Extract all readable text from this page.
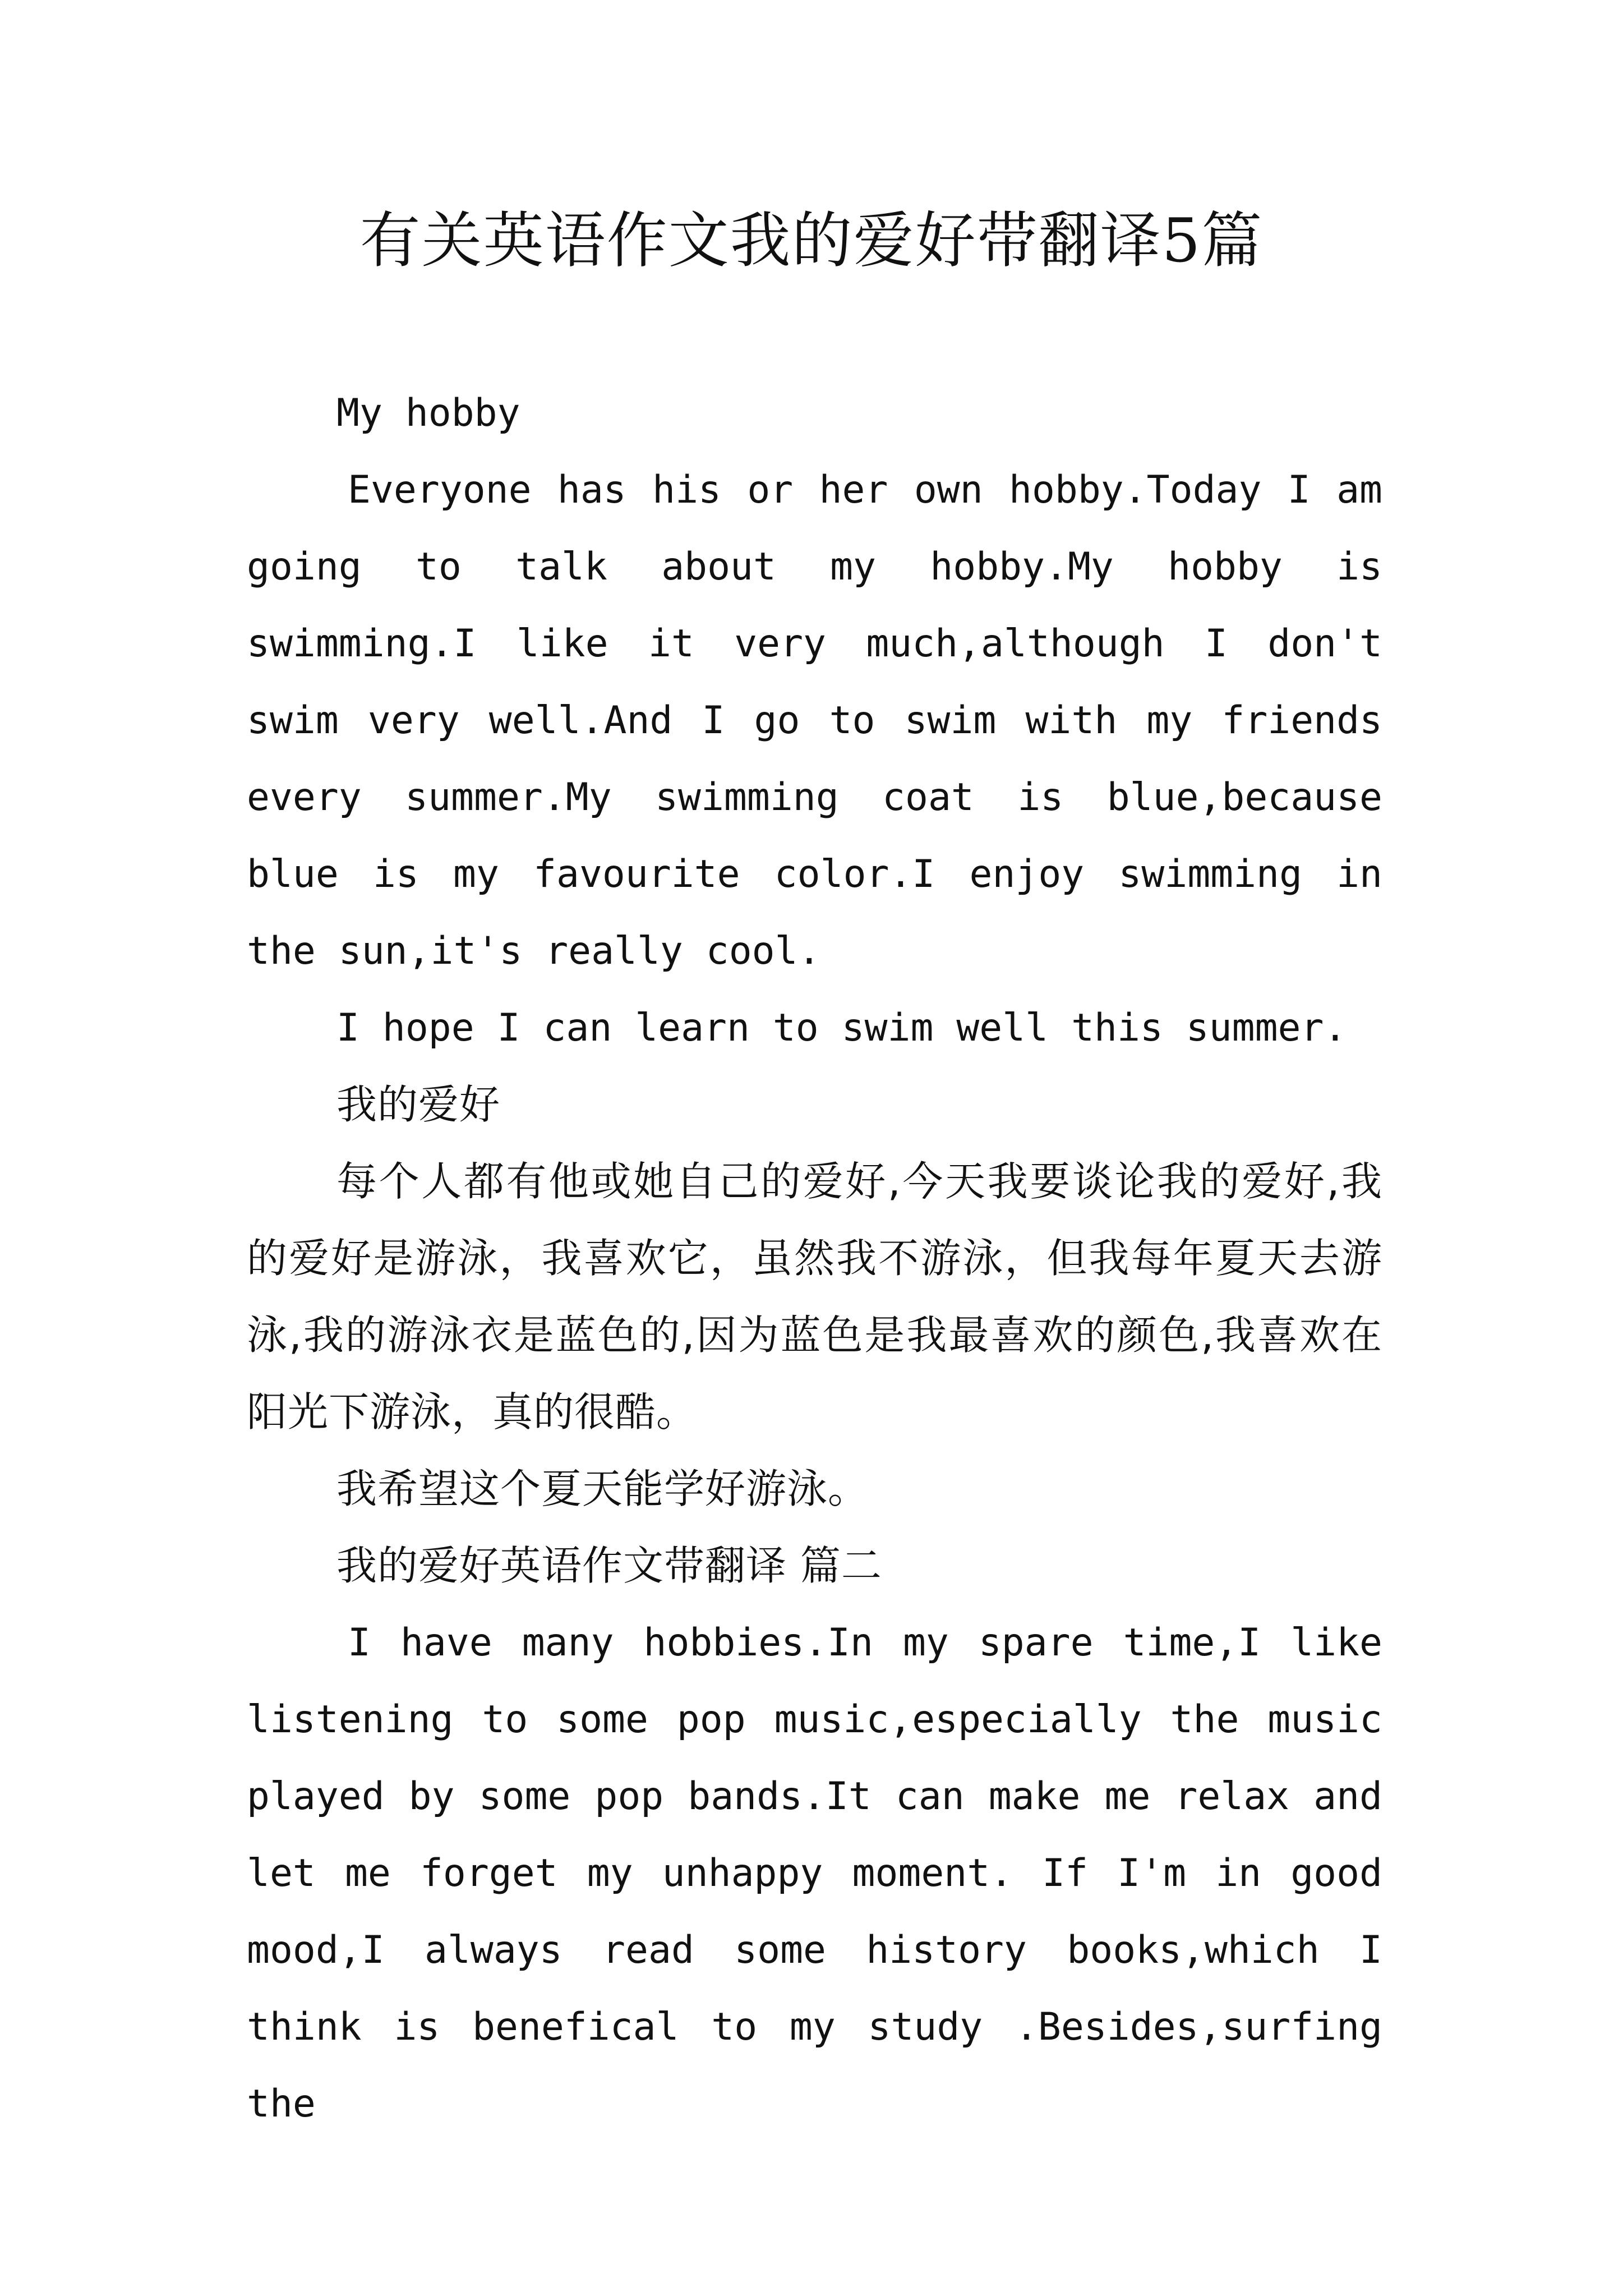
有关英语作文我的爱好带翻译5篇

My hobby

Everyone has his or her own hobby.Today I am going to talk about my hobby.My hobby is swimming.I like it very much,although I don't swim very well.And I go to swim with my friends every summer.My swimming coat is blue,because blue is my favourite color.I enjoy swimming in the sun,it's really cool.

I hope I can learn to swim well this summer.

我的爱好

每个人都有他或她自己的爱好,今天我要谈论我的爱好,我的爱好是游泳，我喜欢它，虽然我不游泳，但我每年夏天去游泳,我的游泳衣是蓝色的,因为蓝色是我最喜欢的颜色,我喜欢在阳光下游泳，真的很酷。

我希望这个夏天能学好游泳。

我的爱好英语作文带翻译 篇二

I have many hobbies.In my spare time,I like listening to some pop music,especially the music played by some pop bands.It can make me relax and let me forget my unhappy moment. If I'm in good mood,I always read some history books,which I think is benefical to my study .Besides,surfing the
